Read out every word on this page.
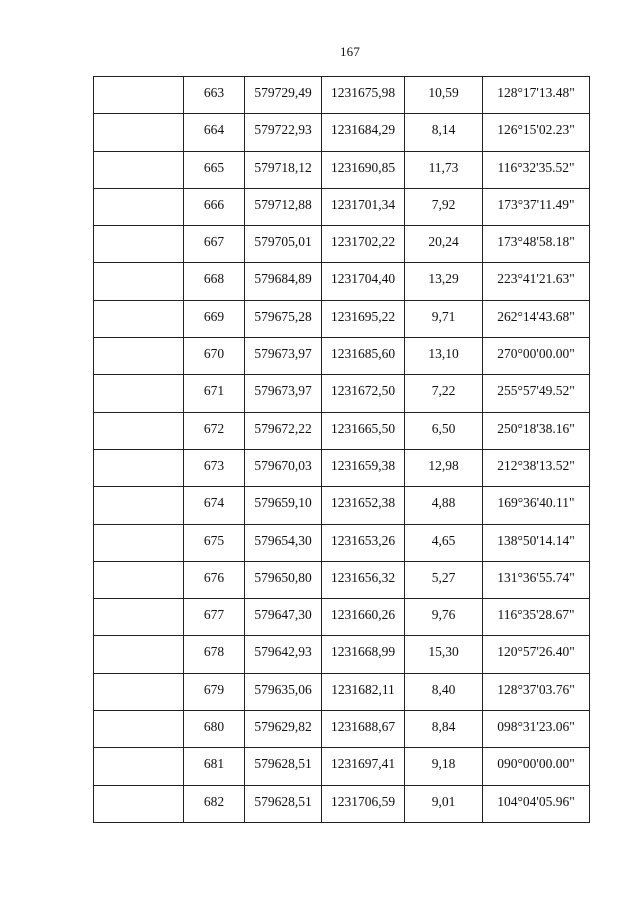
167

	663	579729,49	1231675,98	10,59	128°17'13.48"

	664	579722,93	1231684,29	8,14	126°15'02.23"

	665	579718,12	1231690,85	11,73	116°32'35.52"

	666	579712,88	1231701,34	7,92	173°37'11.49"

	667	579705,01	1231702,22	20,24	173°48'58.18"

	668	579684,89	1231704,40	13,29	223°41'21.63"

	669	579675,28	1231695,22	9,71	262°14'43.68"

	670	579673,97	1231685,60	13,10	270°00'00.00"

	671	579673,97	1231672,50	7,22	255°57'49.52"

	672	579672,22	1231665,50	6,50	250°18'38.16"

	673	579670,03	1231659,38	12,98	212°38'13.52"

	674	579659,10	1231652,38	4,88	169°36'40.11"

	675	579654,30	1231653,26	4,65	138°50'14.14"

	676	579650,80	1231656,32	5,27	131°36'55.74"

	677	579647,30	1231660,26	9,76	116°35'28.67"

	678	579642,93	1231668,99	15,30	120°57'26.40"

	679	579635,06	1231682,11	8,40	128°37'03.76"

	680	579629,82	1231688,67	8,84	098°31'23.06"

	681	579628,51	1231697,41	9,18	090°00'00.00"

	682	579628,51	1231706,59	9,01	104°04'05.96"
